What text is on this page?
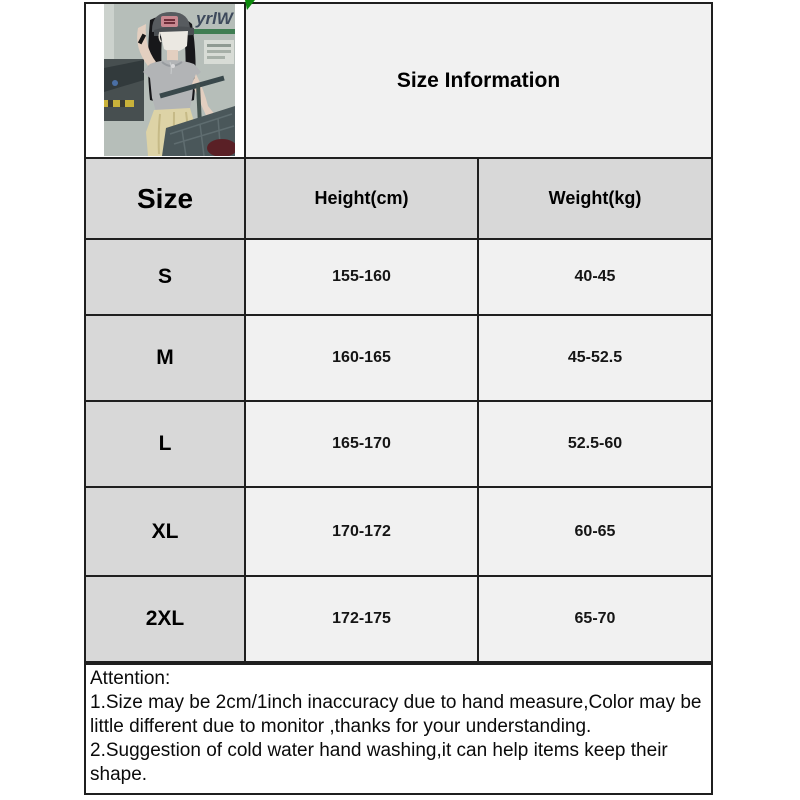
yrlW
Size Information
Size	Height(cm)	Weight(kg)
S	155-160	40-45
M	160-165	45-52.5
L	165-170	52.5-60
XL	170-172	60-65
2XL	172-175	65-70
Attention:
1.Size may be 2cm/1inch inaccuracy due to hand measure,Color may be little different due to monitor ,thanks for your understanding.
2.Suggestion of cold water hand washing,it can help items keep their shape.
